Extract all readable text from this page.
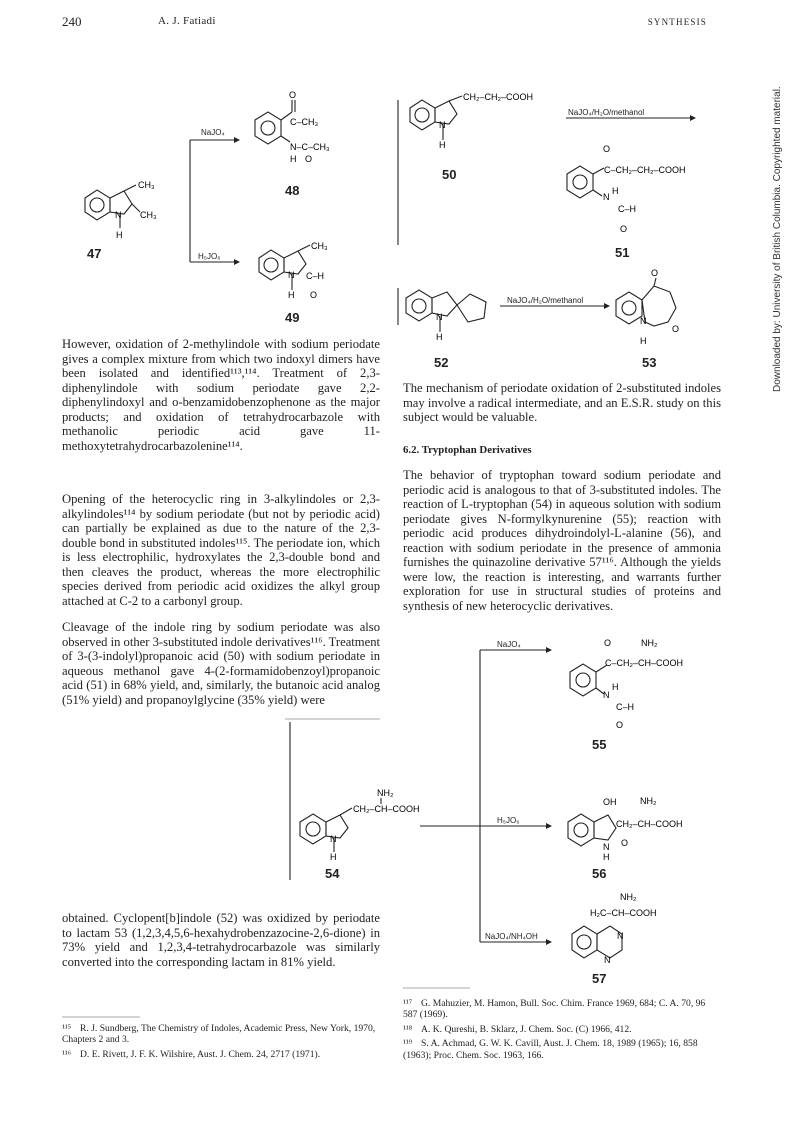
240	A. J. Fatiadi	SYNTHESIS
Downloaded by: University of British Columbia. Copyrighted material.
N
H
CH₃
CH₃
O
C–CH₃
N–C–CH₃
H O
CH₃
N C–H
H O
CH₂–CH₂–COOH
N
H	O
C–CH₂–CH₂–COOH
N
H
C–H
O
N
H
O
N
O
H
CH₂–CH–COOH
NH₂
N
H
O	NH₂
C–CH₂–CH–COOH
N
H
C–H
O
OH	NH₂
CH₂–CH–COOH
N O
H
NH₂
H₂C–CH–COOH
N
N
47
48
49
50
51
52	53
54
55
56
57
NaJO₄
H₅JO₆
NaJO₄/H₂O/methanol
NaJO₄/H₂O/methanol
NaJO₄
H₅JO₆
NaJO₄/NH₄OH

However, oxidation of 2-methylindole with sodium periodate gives a complex mixture from which two indoxyl dimers have been isolated and identified¹¹³,¹¹⁴. Treatment of 2,3-diphenylindole with sodium periodate gave 2,2-diphenylindoxyl and o-benzamidobenzophenone as the major products; and oxidation of tetrahydrocarbazole with methanolic periodic acid gave 11-methoxytetrahydrocarbazolenine¹¹⁴.

Opening of the heterocyclic ring in 3-alkylindoles or 2,3-alkylindoles¹¹⁴ by sodium periodate (but not by periodic acid) can partially be explained as due to the nature of the 2,3-double bond in substituted indoles¹¹⁵. The periodate ion, which is less electrophilic, hydroxylates the 2,3-double bond and then cleaves the product, whereas the more electrophilic species derived from periodic acid oxidizes the alkyl group attached at C-2 to a carbonyl group.

Cleavage of the indole ring by sodium periodate was also observed in other 3-substituted indole derivatives¹¹⁶. Treatment of 3-(3-indolyl)propanoic acid (50) with sodium periodate in aqueous methanol gave 4-(2-formamidobenzoyl)propanoic acid (51) in 68% yield, and, similarly, the butanoic acid analog (51% yield) and propanoylglycine (35% yield) were

obtained. Cyclopent[b]indole (52) was oxidized by periodate to lactam 53 (1,2,3,4,5,6-hexahydrobenzazocine-2,6-dione) in 73% yield and 1,2,3,4-tetrahydrocarbazole was similarly converted into the corresponding lactam in 81% yield.

The mechanism of periodate oxidation of 2-substituted indoles may involve a radical intermediate, and an E.S.R. study on this subject would be valuable.

6.2. Tryptophan Derivatives

The behavior of tryptophan toward sodium periodate and periodic acid is analogous to that of 3-substituted indoles. The reaction of L-tryptophan (54) in aqueous solution with sodium periodate gives N-formylkynurenine (55); reaction with periodic acid produces dihydroindolyl-L-alanine (56), and reaction with sodium periodate in the presence of ammonia furnishes the quinazoline derivative 57¹¹⁶. Although the yields were low, the reaction is interesting, and warrants further exploration for use in structural studies of proteins and synthesis of new heterocyclic derivatives.

¹¹⁵ R. J. Sundberg, The Chemistry of Indoles, Academic Press, New York, 1970, Chapters 2 and 3.

¹¹⁶ D. E. Rivett, J. F. K. Wilshire, Aust. J. Chem. 24, 2717 (1971).

¹¹⁷ G. Mahuzier, M. Hamon, Bull. Soc. Chim. France 1969, 684; C. A. 70, 96 587 (1969).

¹¹⁸ A. K. Qureshi, B. Sklarz, J. Chem. Soc. (C) 1966, 412.

¹¹⁹ S. A. Achmad, G. W. K. Cavill, Aust. J. Chem. 18, 1989 (1965); 16, 858 (1963); Proc. Chem. Soc. 1963, 166.
